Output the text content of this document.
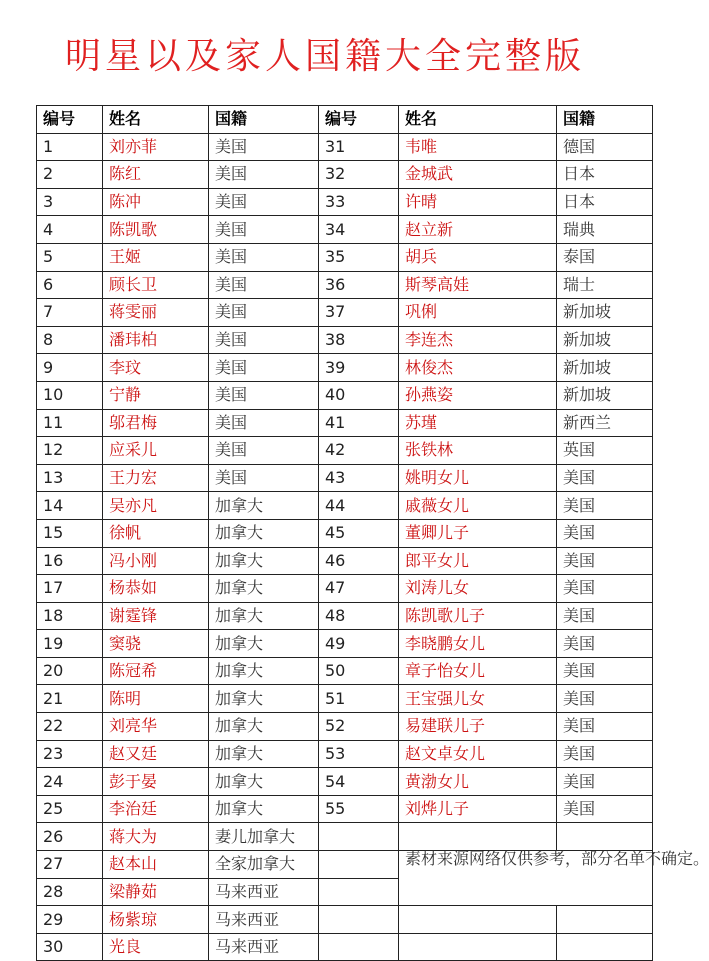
明星以及家人国籍大全完整版
编号	姓名	国籍	编号	姓名	国籍
1	刘亦菲	美国	31	韦唯	德国
2	陈红	美国	32	金城武	日本
3	陈冲	美国	33	许晴	日本
4	陈凯歌	美国	34	赵立新	瑞典
5	王姬	美国	35	胡兵	泰国
6	顾长卫	美国	36	斯琴高娃	瑞士
7	蒋雯丽	美国	37	巩俐	新加坡
8	潘玮柏	美国	38	李连杰	新加坡
9	李玟	美国	39	林俊杰	新加坡
10	宁静	美国	40	孙燕姿	新加坡
11	邬君梅	美国	41	苏瑾	新西兰
12	应采儿	美国	42	张铁林	英国
13	王力宏	美国	43	姚明女儿	美国
14	吴亦凡	加拿大	44	戚薇女儿	美国
15	徐帆	加拿大	45	董卿儿子	美国
16	冯小刚	加拿大	46	郎平女儿	美国
17	杨恭如	加拿大	47	刘涛儿女	美国
18	谢霆锋	加拿大	48	陈凯歌儿子	美国
19	窦骁	加拿大	49	李晓鹏女儿	美国
20	陈冠希	加拿大	50	章子怡女儿	美国
21	陈明	加拿大	51	王宝强儿女	美国
22	刘亮华	加拿大	52	易建联儿子	美国
23	赵又廷	加拿大	53	赵文卓女儿	美国
24	彭于晏	加拿大	54	黄渤女儿	美国
25	李治廷	加拿大	55	刘烨儿子	美国
26	蒋大为	妻儿加拿大			
27	赵本山	全家加拿大		素材来源网络仅供参考，部分名单不确定。	
28	梁静茹	马来西亚			
29	杨紫琼	马来西亚			
30	光良	马来西亚			
